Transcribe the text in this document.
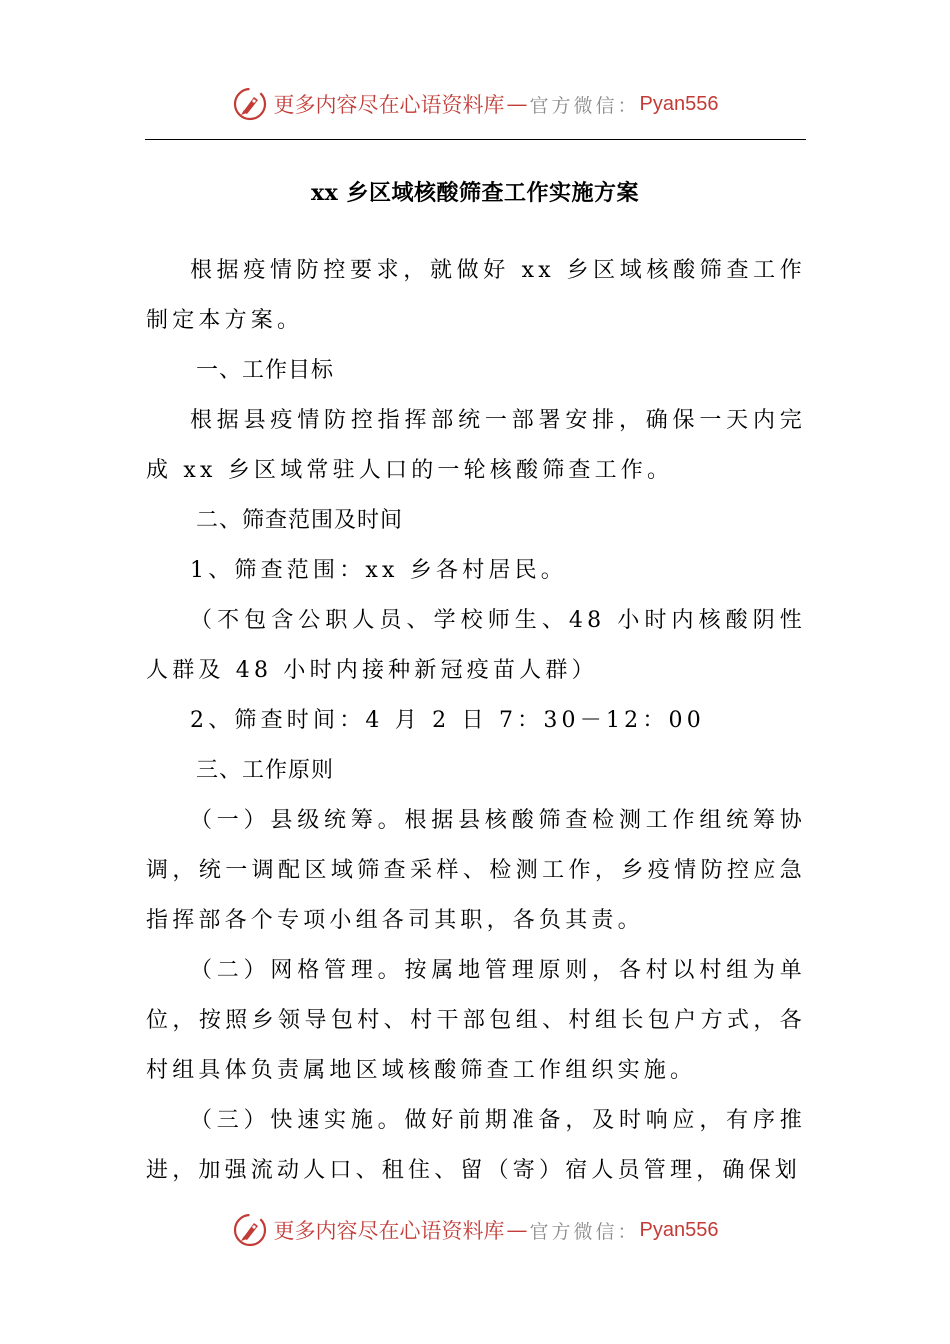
更多内容尽在心语资料库 — 官方微信： Pyan556
xx 乡区域核酸筛查工作实施方案

根据疫情防控要求，就做好 xx 乡区域核酸筛查工作制定本方案。

一、工作目标

根据县疫情防控指挥部统一部署安排，确保一天内完成 xx 乡区域常驻人口的一轮核酸筛查工作。

二、筛查范围及时间

1、筛查范围：xx 乡各村居民。

（不包含公职人员、学校师生、48 小时内核酸阴性人群及 48 小时内接种新冠疫苗人群）

2、筛查时间：4 月 2 日 7：30－12：00

三、工作原则

（一）县级统筹。根据县核酸筛查检测工作组统筹协调，统一调配区域筛查采样、检测工作，乡疫情防控应急指挥部各个专项小组各司其职，各负其责。

（二）网格管理。按属地管理原则，各村以村组为单位，按照乡领导包村、村干部包组、村组长包户方式，各村组具体负责属地区域核酸筛查工作组织实施。

（三）快速实施。做好前期准备，及时响应，有序推进，加强流动人口、租住、留（寄）宿人员管理，确保划

更多内容尽在心语资料库 — 官方微信： Pyan556
